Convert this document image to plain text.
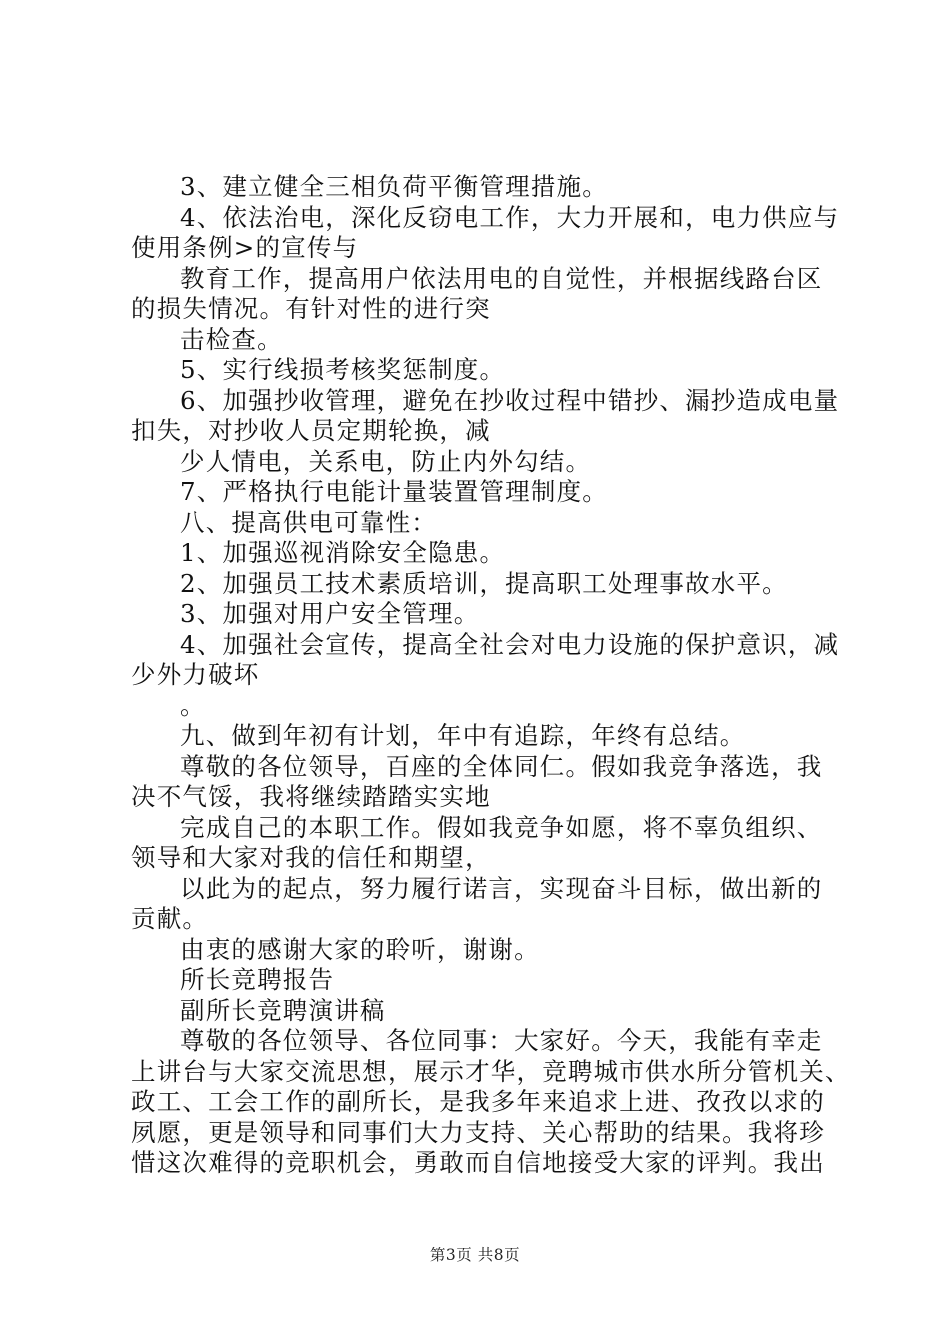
3、建立健全三相负荷平衡管理措施。
4、依法治电，深化反窃电工作，大力开展和，电力供应与
使用条例>的宣传与
教育工作，提高用户依法用电的自觉性，并根据线路台区
的损失情况。有针对性的进行突
击检查。
5、实行线损考核奖惩制度。
6、加强抄收管理，避免在抄收过程中错抄、漏抄造成电量
扣失，对抄收人员定期轮换，减
少人情电，关系电，防止内外勾结。
7、严格执行电能计量装置管理制度。
八、提高供电可靠性：
1、加强巡视消除安全隐患。
2、加强员工技术素质培训，提高职工处理事故水平。
3、加强对用户安全管理。
4、加强社会宣传，提高全社会对电力设施的保护意识，减
少外力破坏
。
九、做到年初有计划，年中有追踪，年终有总结。
尊敬的各位领导，百座的全体同仁。假如我竞争落选，我
决不气馁，我将继续踏踏实实地
完成自己的本职工作。假如我竞争如愿，将不辜负组织、
领导和大家对我的信任和期望，
以此为的起点，努力履行诺言，实现奋斗目标，做出新的
贡献。
由衷的感谢大家的聆听，谢谢。
所长竞聘报告
副所长竞聘演讲稿
尊敬的各位领导、各位同事：大家好。今天，我能有幸走
上讲台与大家交流思想，展示才华，竞聘城市供水所分管机关、
政工、工会工作的副所长，是我多年来追求上进、孜孜以求的
夙愿，更是领导和同事们大力支持、关心帮助的结果。我将珍
惜这次难得的竞职机会，勇敢而自信地接受大家的评判。我出
第3页 共8页
